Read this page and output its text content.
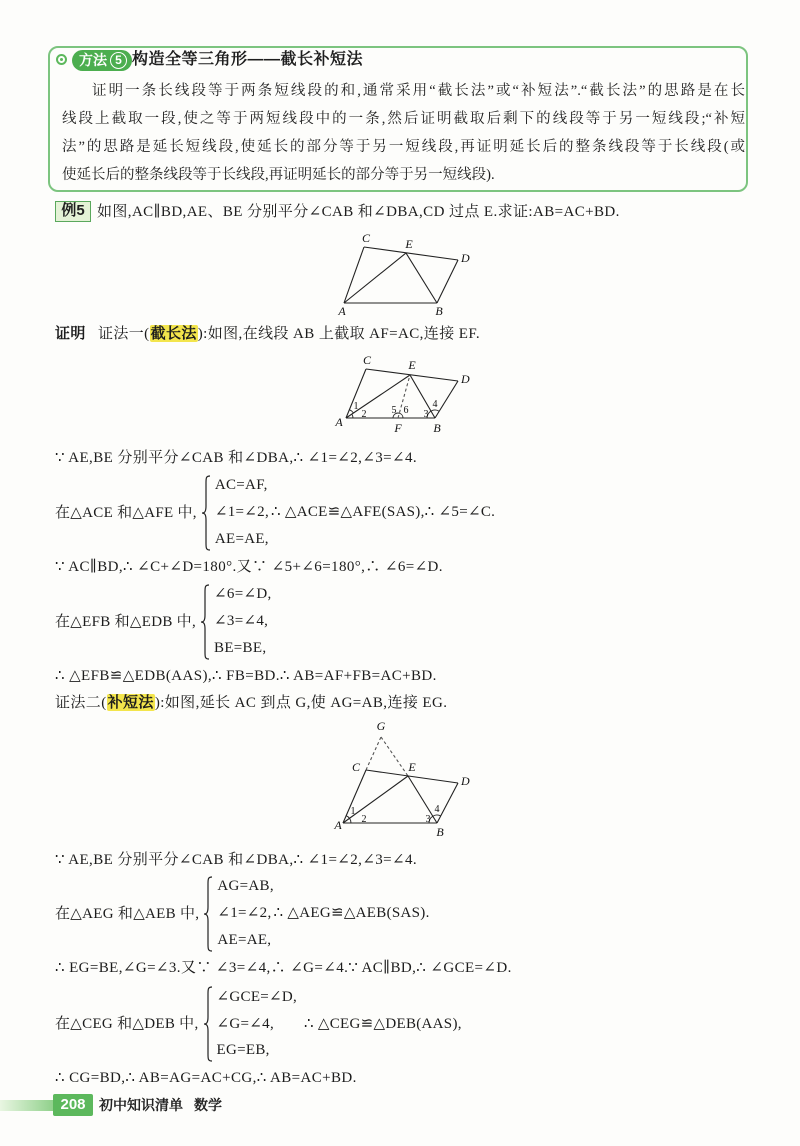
方法 5 构造全等三角形——截长补短法
证明一条长线段等于两条短线段的和,通常采用“截长法”或“补短法”.“截长法”的思路是在长
线段上截取一段,使之等于两短线段中的一条,然后证明截取后剩下的线段等于另一短线段;“补短
法”的思路是延长短线段,使延长的部分等于另一短线段,再证明延长后的整条线段等于长线段(或
使延长后的整条线段等于长线段,再证明延长的部分等于另一短线段).
例5 如图,AC∥BD,AE、BE 分别平分∠CAB 和∠DBA,CD 过点 E.求证:AB=AC+BD.
C	E
D
A	B
证明 证法一(截长法):如图,在线段 AB 上截取 AF=AC,连接 EF.
C	E
D
A	B
F
1
2	5 6 3
4
∵ AE,BE 分别平分∠CAB 和∠DBA,∴ ∠1=∠2,∠3=∠4.
在△ACE 和△AFE 中,
AC=AF,
∠1=∠2, ∴ △ACE≌△AFE(SAS),∴ ∠5=∠C.
AE=AE,
∵ AC∥BD,∴ ∠C+∠D=180°.又∵ ∠5+∠6=180°,∴ ∠6=∠D.
在△EFB 和△EDB 中,
∠6=∠D,
∠3=∠4,
BE=BE,
∴ △EFB≌△EDB(AAS),∴ FB=BD.∴ AB=AF+FB=AC+BD.
证法二(补短法):如图,延长 AC 到点 G,使 AG=AB,连接 EG.
G
C	E
D
A	B
1
2	3
4
∵ AE,BE 分别平分∠CAB 和∠DBA,∴ ∠1=∠2,∠3=∠4.
在△AEG 和△AEB 中,
AG=AB,
∠1=∠2, ∴ △AEG≌△AEB(SAS).
AE=AE,
∴ EG=BE,∠G=∠3.又∵ ∠3=∠4,∴ ∠G=∠4.∵ AC∥BD,∴ ∠GCE=∠D.
在△CEG 和△DEB 中,
∠GCE=∠D,
∠G=∠4, ∴ △CEG≌△DEB(AAS),
EG=EB,
∴ CG=BD,∴ AB=AG=AC+CG,∴ AB=AC+BD.
208 初中知识清单 数学
